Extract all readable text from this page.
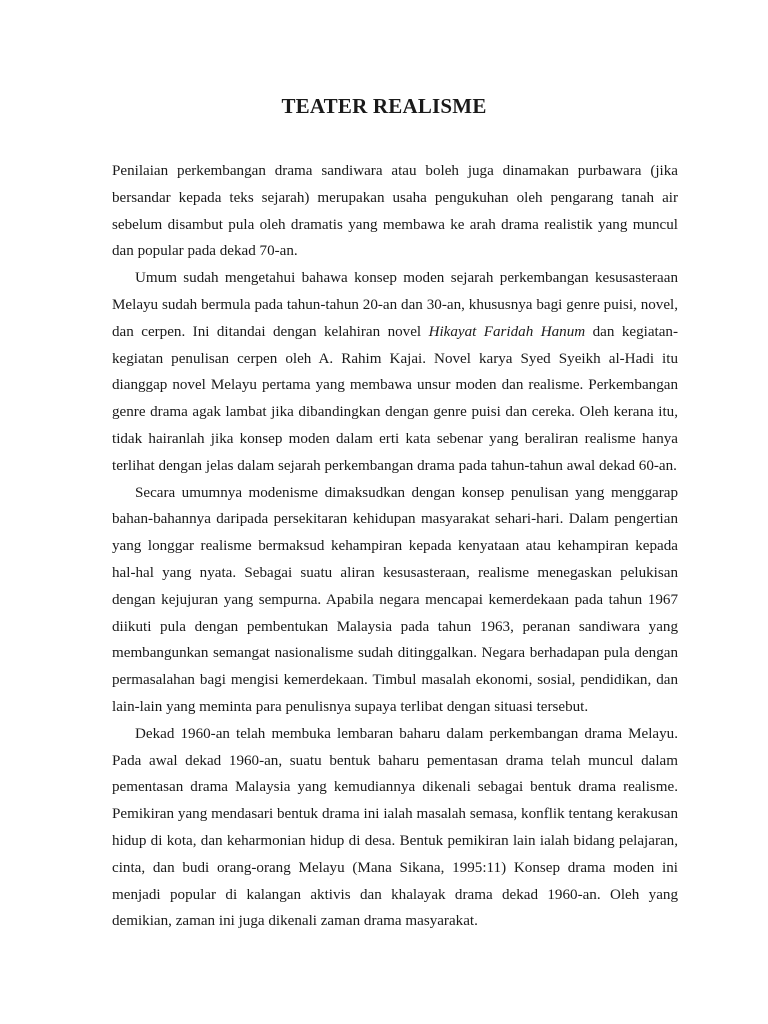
TEATER REALISME

Penilaian perkembangan drama sandiwara atau boleh juga dinamakan purbawara (jika bersandar kepada teks sejarah) merupakan usaha pengukuhan oleh pengarang tanah air sebelum disambut pula oleh dramatis yang membawa ke arah drama realistik yang muncul dan popular pada dekad 70-an.

Umum sudah mengetahui bahawa konsep moden sejarah perkembangan kesusasteraan Melayu sudah bermula pada tahun-tahun 20-an dan 30-an, khususnya bagi genre puisi, novel, dan cerpen. Ini ditandai dengan kelahiran novel Hikayat Faridah Hanum dan kegiatan-kegiatan penulisan cerpen oleh A. Rahim Kajai. Novel karya Syed Syeikh al-Hadi itu dianggap novel Melayu pertama yang membawa unsur moden dan realisme. Perkembangan genre drama agak lambat jika dibandingkan dengan genre puisi dan cereka. Oleh kerana itu, tidak hairanlah jika konsep moden dalam erti kata sebenar yang beraliran realisme hanya terlihat dengan jelas dalam sejarah perkembangan drama pada tahun-tahun awal dekad 60-an.

Secara umumnya modenisme dimaksudkan dengan konsep penulisan yang menggarap bahan-bahannya daripada persekitaran kehidupan masyarakat sehari-hari. Dalam pengertian yang longgar realisme bermaksud kehampiran kepada kenyataan atau kehampiran kepada hal-hal yang nyata. Sebagai suatu aliran kesusasteraan, realisme menegaskan pelukisan dengan kejujuran yang sempurna. Apabila negara mencapai kemerdekaan pada tahun 1967 diikuti pula dengan pembentukan Malaysia pada tahun 1963, peranan sandiwara yang membangunkan semangat nasionalisme sudah ditinggalkan. Negara berhadapan pula dengan permasalahan bagi mengisi kemerdekaan. Timbul masalah ekonomi, sosial, pendidikan, dan lain-lain yang meminta para penulisnya supaya terlibat dengan situasi tersebut.

Dekad 1960-an telah membuka lembaran baharu dalam perkembangan drama Melayu. Pada awal dekad 1960-an, suatu bentuk baharu pementasan drama telah muncul dalam pementasan drama Malaysia yang kemudiannya dikenali sebagai bentuk drama realisme. Pemikiran yang mendasari bentuk drama ini ialah masalah semasa, konflik tentang kerakusan hidup di kota, dan keharmonian hidup di desa. Bentuk pemikiran lain ialah bidang pelajaran, cinta, dan budi orang-orang Melayu (Mana Sikana, 1995:11) Konsep drama moden ini menjadi popular di kalangan aktivis dan khalayak drama dekad 1960-an. Oleh yang demikian, zaman ini juga dikenali zaman drama masyarakat.
